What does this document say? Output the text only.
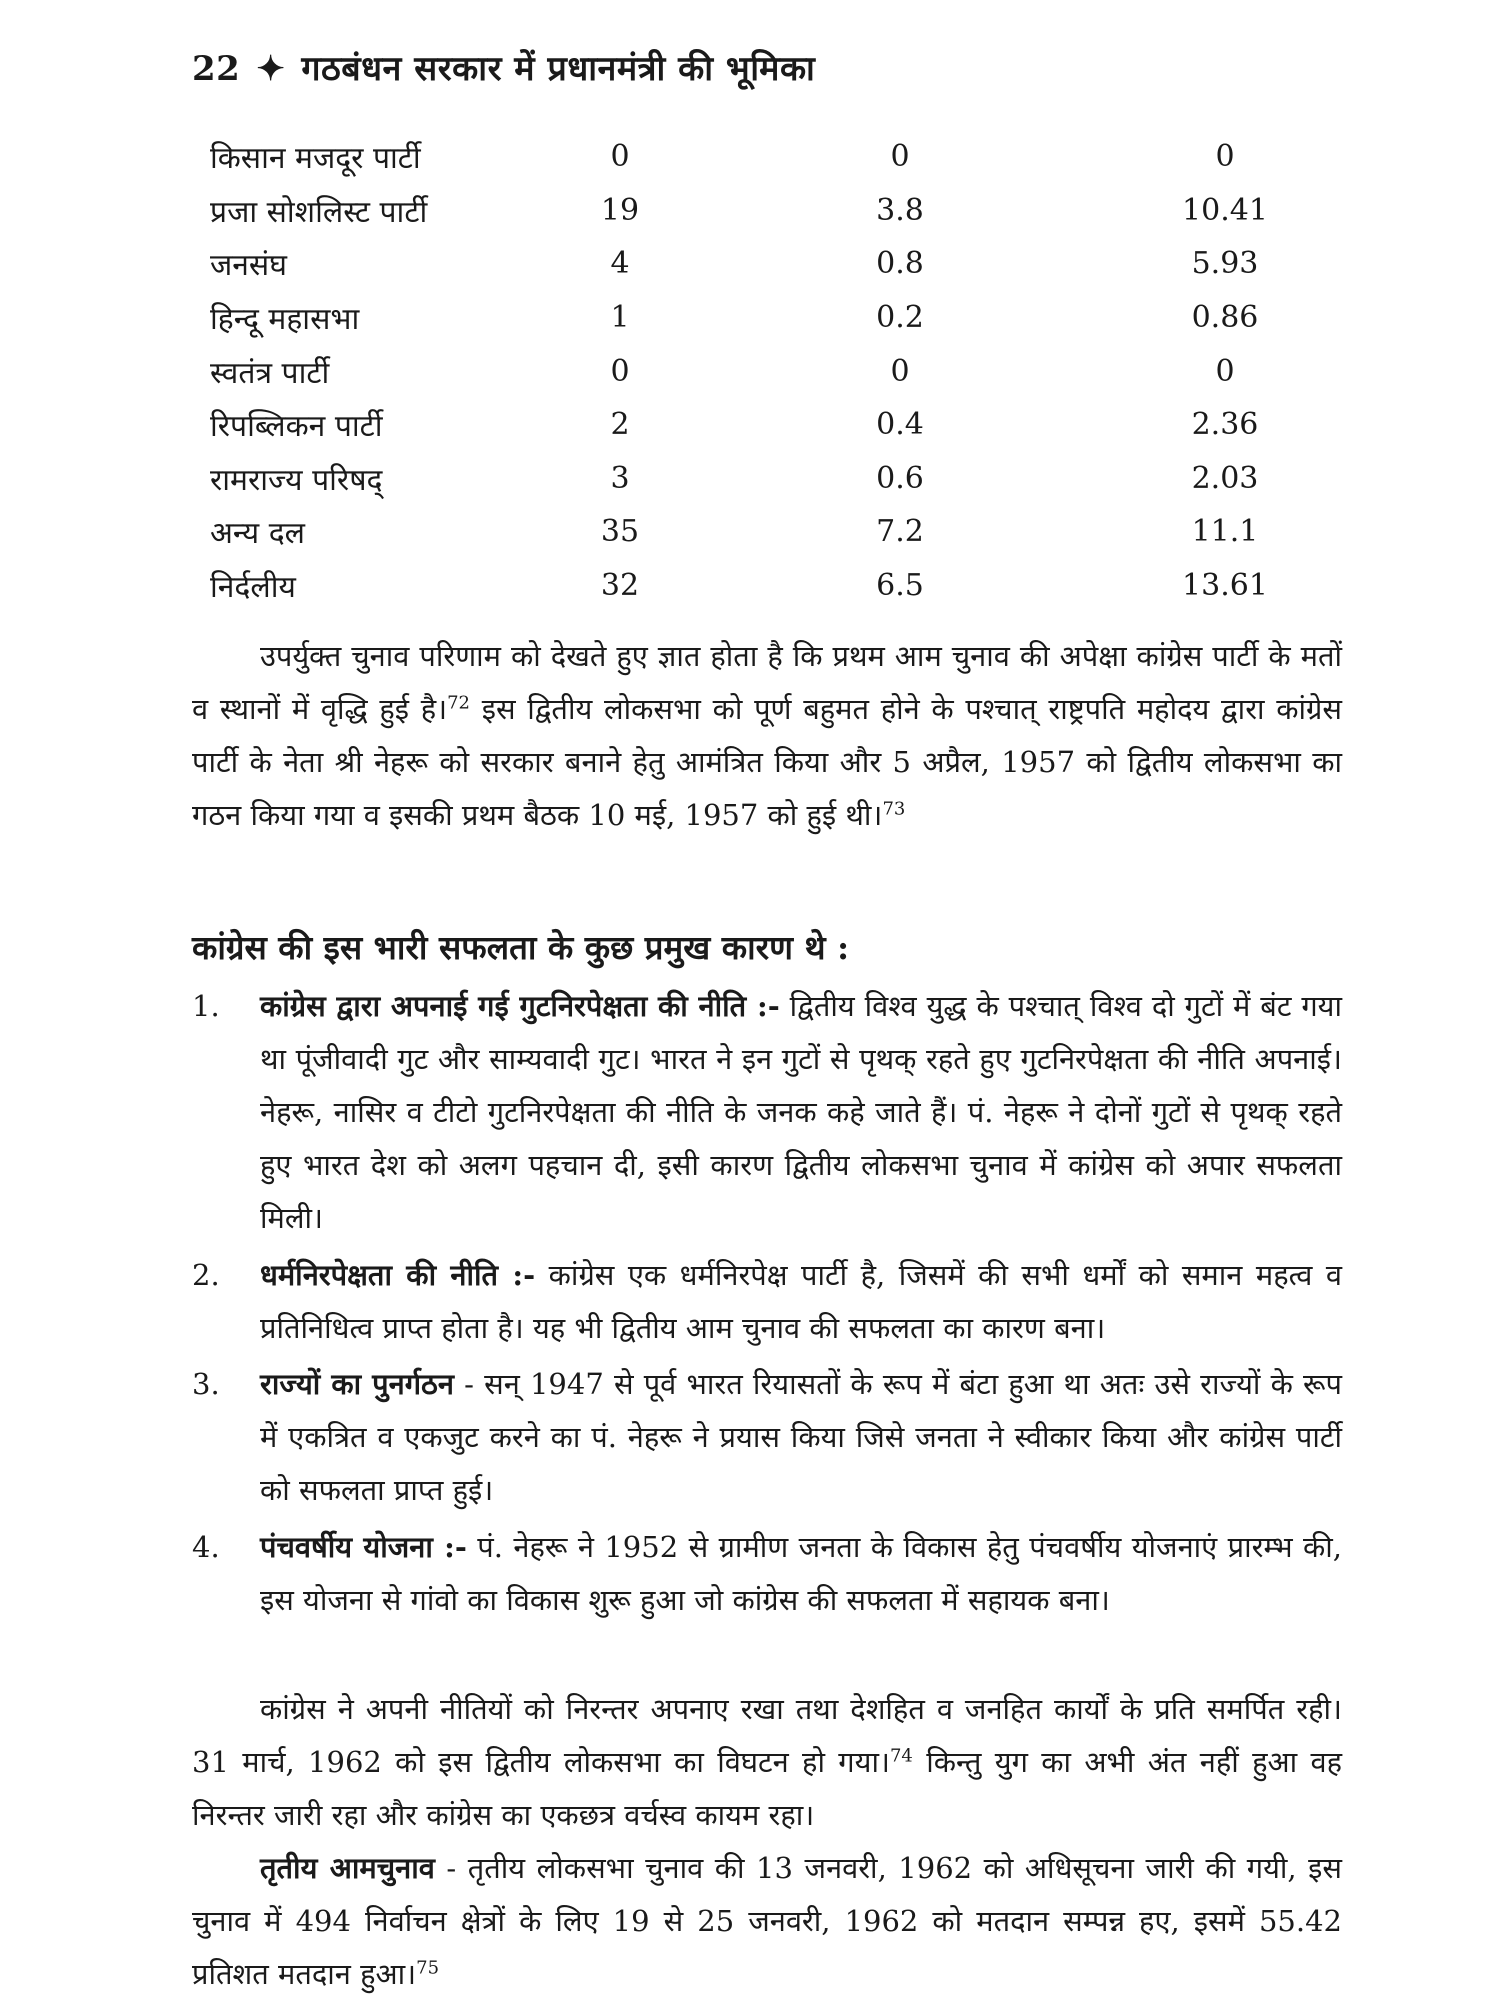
22 ✦ गठबंधन सरकार में प्रधानमंत्री की भूमिका
किसान मजदूर पार्टी	0	0	0
प्रजा सोशलिस्ट पार्टी	19	3.8	10.41
जनसंघ	4	0.8	5.93
हिन्दू महासभा	1	0.2	0.86
स्वतंत्र पार्टी	0	0	0
रिपब्लिकन पार्टी	2	0.4	2.36
रामराज्य परिषद्	3	0.6	2.03
अन्य दल	35	7.2	11.1
निर्दलीय	32	6.5	13.61

उपर्युक्त चुनाव परिणाम को देखते हुए ज्ञात होता है कि प्रथम आम चुनाव की अपेक्षा कांग्रेस पार्टी के मतों व स्थानों में वृद्धि हुई है।$^{72}$ इस द्वितीय लोकसभा को पूर्ण बहुमत होने के पश्चात् राष्ट्रपति महोदय द्वारा कांग्रेस पार्टी के नेता श्री नेहरू को सरकार बनाने हेतु आमंत्रित किया और 5 अप्रैल, 1957 को द्वितीय लोकसभा का गठन किया गया व इसकी प्रथम बैठक 10 मई, 1957 को हुई थी।$^{73}$

कांग्रेस की इस भारी सफलता के कुछ प्रमुख कारण थे :
1.	कांग्रेस द्वारा अपनाई गई गुटनिरपेक्षता की नीति :- द्वितीय विश्व युद्ध के पश्चात् विश्व दो गुटों में बंट गया था पूंजीवादी गुट और साम्यवादी गुट। भारत ने इन गुटों से पृथक् रहते हुए गुटनिरपेक्षता की नीति अपनाई। नेहरू, नासिर व टीटो गुटनिरपेक्षता की नीति के जनक कहे जाते हैं। पं. नेहरू ने दोनों गुटों से पृथक् रहते हुए भारत देश को अलग पहचान दी, इसी कारण द्वितीय लोकसभा चुनाव में कांग्रेस को अपार सफलता मिली।
2.	धर्मनिरपेक्षता की नीति :- कांग्रेस एक धर्मनिरपेक्ष पार्टी है, जिसमें की सभी धर्मों को समान महत्व व प्रतिनिधित्व प्राप्त होता है। यह भी द्वितीय आम चुनाव की सफलता का कारण बना।
3.	राज्यों का पुनर्गठन - सन् 1947 से पूर्व भारत रियासतों के रूप में बंटा हुआ था अतः उसे राज्यों के रूप में एकत्रित व एकजुट करने का पं. नेहरू ने प्रयास किया जिसे जनता ने स्वीकार किया और कांग्रेस पार्टी को सफलता प्राप्त हुई।
4.	पंचवर्षीय योजना :- पं. नेहरू ने 1952 से ग्रामीण जनता के विकास हेतु पंचवर्षीय योजनाएं प्रारम्भ की, इस योजना से गांवो का विकास शुरू हुआ जो कांग्रेस की सफलता में सहायक बना।

कांग्रेस ने अपनी नीतियों को निरन्तर अपनाए रखा तथा देशहित व जनहित कार्यों के प्रति समर्पित रही। 31 मार्च, 1962 को इस द्वितीय लोकसभा का विघटन हो गया।$^{74}$ किन्तु युग का अभी अंत नहीं हुआ वह निरन्तर जारी रहा और कांग्रेस का एकछत्र वर्चस्व कायम रहा।

तृतीय आमचुनाव - तृतीय लोकसभा चुनाव की 13 जनवरी, 1962 को अधिसूचना जारी की गयी, इस चुनाव में 494 निर्वाचन क्षेत्रों के लिए 19 से 25 जनवरी, 1962 को मतदान सम्पन्न हए, इसमें 55.42 प्रतिशत मतदान हुआ।$^{75}$
